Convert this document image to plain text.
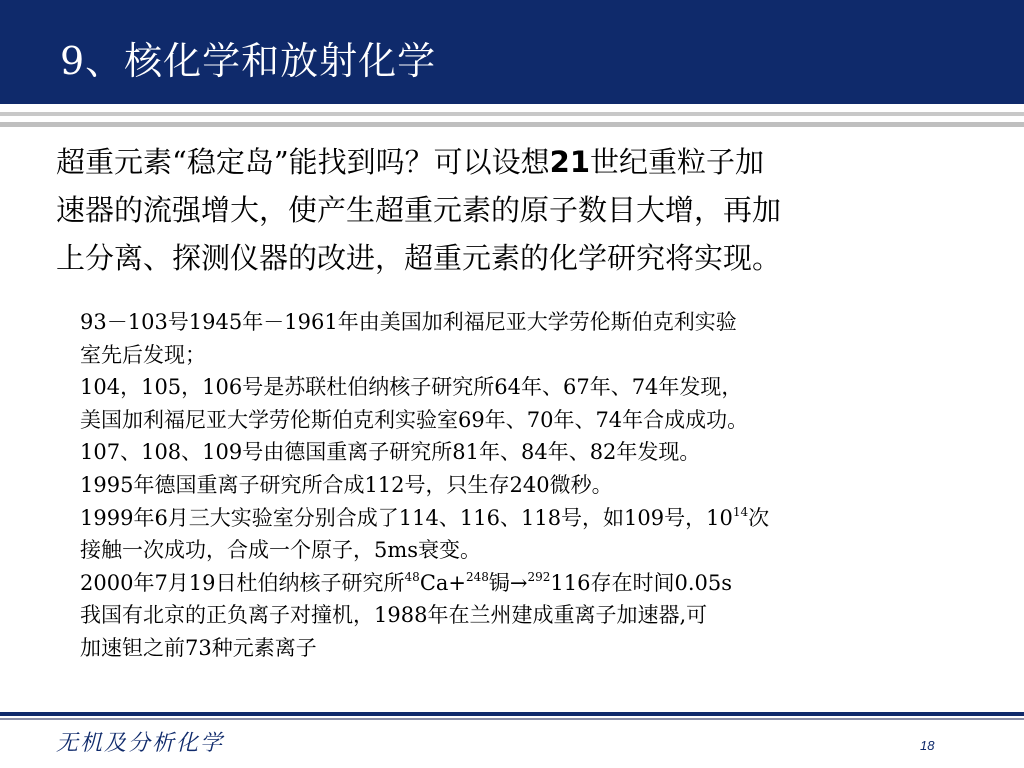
9、核化学和放射化学
超重元素“稳定岛”能找到吗？可以设想21世纪重粒子加
速器的流强增大，使产生超重元素的原子数目大增，再加
上分离、探测仪器的改进，超重元素的化学研究将实现。
93－103号1945年－1961年由美国加利福尼亚大学劳伦斯伯克利实验
室先后发现；
104，105，106号是苏联杜伯纳核子研究所64年、67年、74年发现，
美国加利福尼亚大学劳伦斯伯克利实验室69年、70年、74年合成成功。
107、108、109号由德国重离子研究所81年、84年、82年发现。
1995年德国重离子研究所合成112号，只生存240微秒。
1999年6月三大实验室分别合成了114、116、118号，如109号，$10^{14}$次
接触一次成功，合成一个原子，5ms衰变。
2000年7月19日杜伯纳核子研究所$^{48}$Ca+$^{248}$锔→$^{292}$116存在时间0.05s
我国有北京的正负离子对撞机，1988年在兰州建成重离子加速器,可
加速钽之前73种元素离子
无机及分析化学	18
